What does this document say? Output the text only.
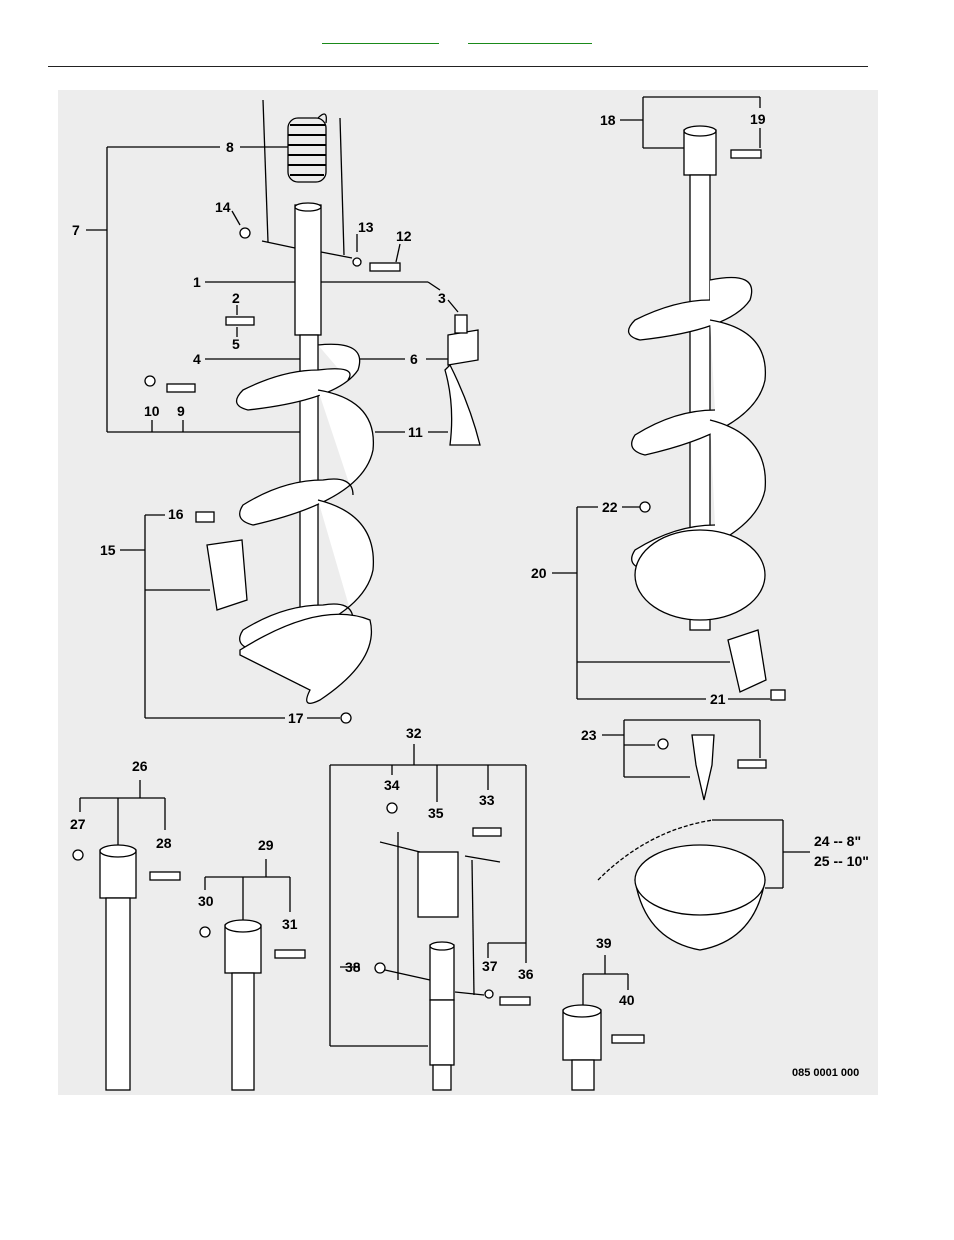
8
7
14
13
12
1
2	3
5
4	6
10 9
11
16
15
17
18	19
22
20
21
32	23
26
34
33
35
27
28	24 -- 8"
25 -- 10"
29
30
31
39
37
38	36
40
085 0001 000
